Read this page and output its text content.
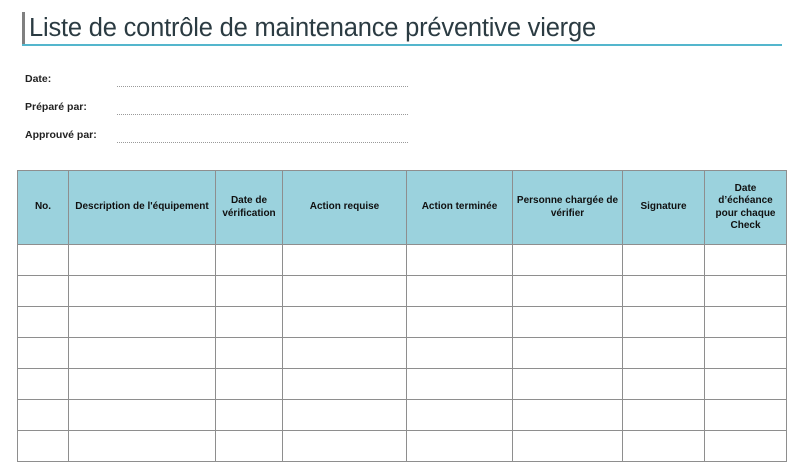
Liste de contrôle de maintenance préventive vierge
Date:
Préparé par:
Approuvé par:
No.	Description de l'équipement	Date de vérification	Action requise	Action terminée	Personne chargée de vérifier	Signature	Date d’échéance pour chaque Check
